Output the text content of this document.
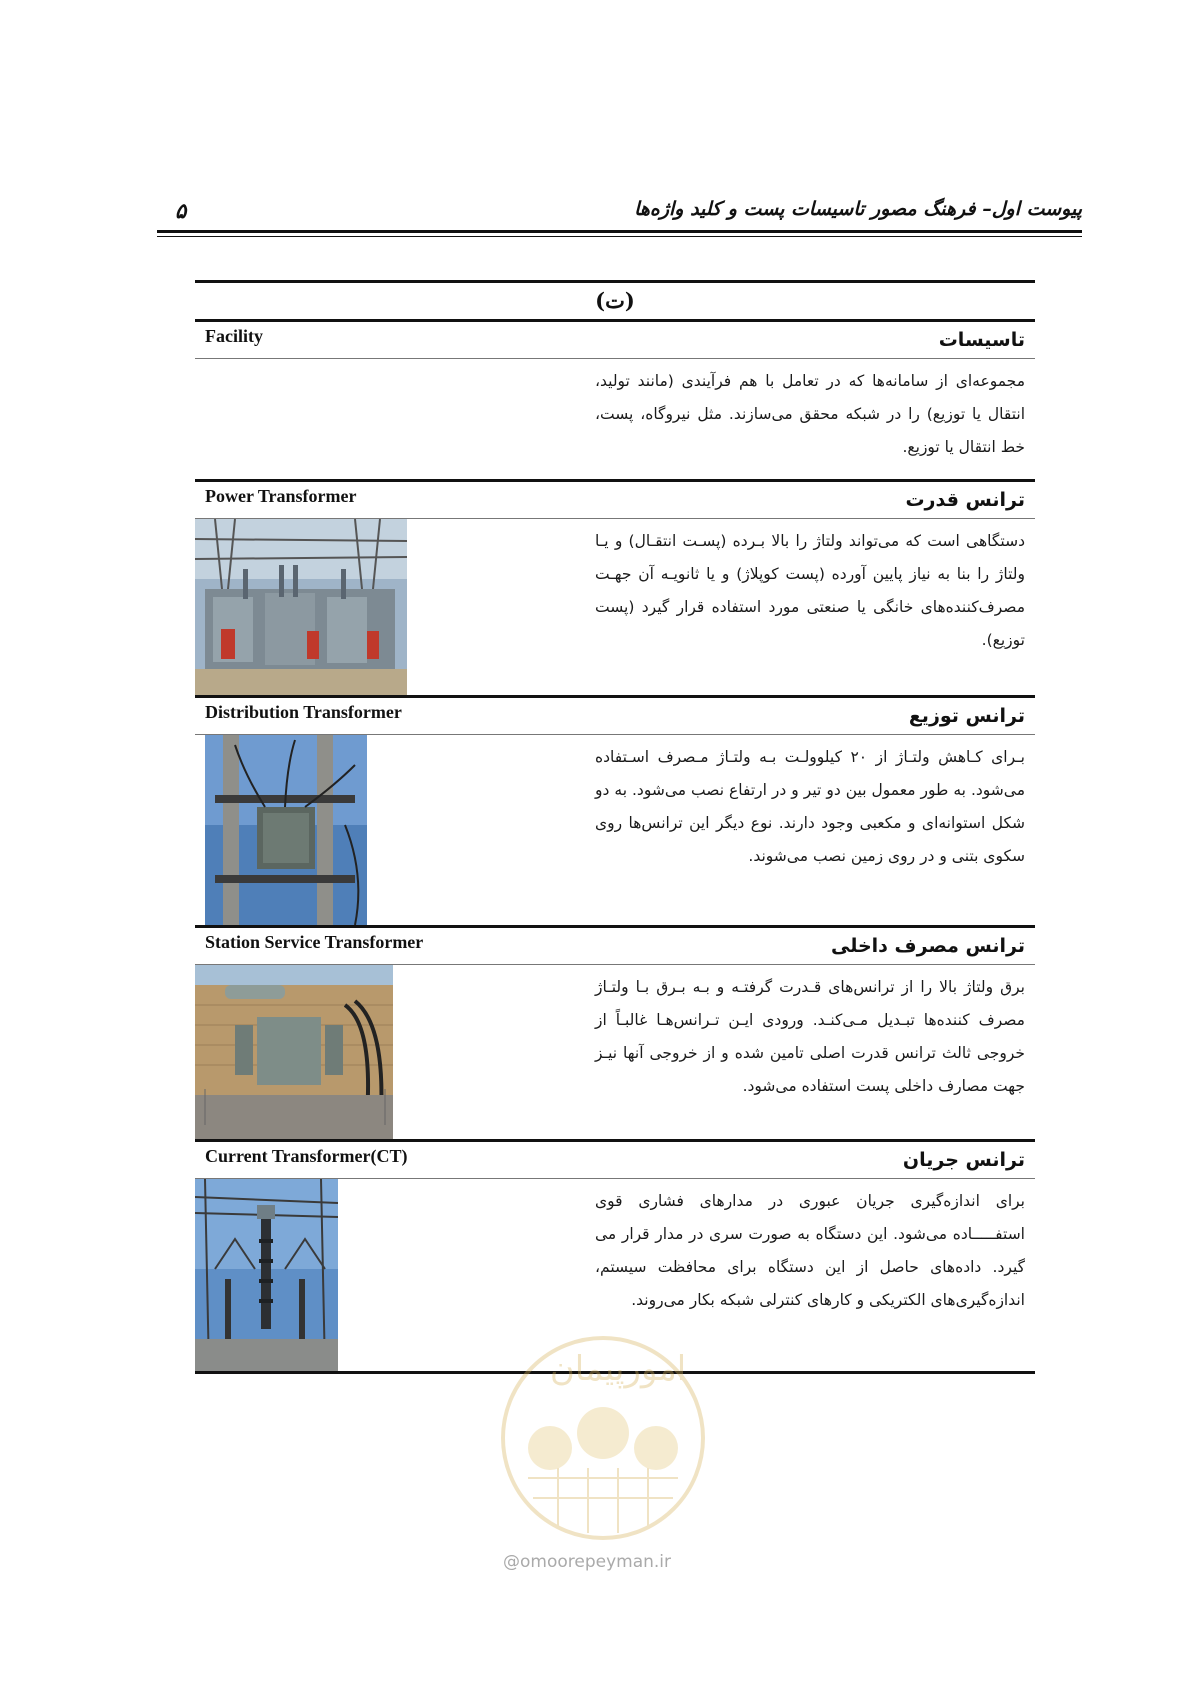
۵	پیوست اول– فرهنگ مصور تاسیسات پست و کلید واژه‌ها
(ت)
Facility	تاسیسات
مجموعه‌ای از سامانه‌ها که در تعامل با هم فرآیندی (مانند تولید، انتقال یا توزیع) را در شبکه محقق می‌سازند. مثل نیروگاه، پست، خط انتقال یا توزیع.
Power Transformer	ترانس قدرت
دستگاهی است که می‌تواند ولتاژ را بالا بـرده (پسـت انتقـال) و یـا ولتاژ را بنا به نیاز پایین آورده (پست کوپلاژ) و یا ثانویـه آن جهـت مصرف‌کننده‌های خانگی یا صنعتی مورد استفاده قرار گیرد (پست توزیع).
Distribution Transformer	ترانس توزیع
بـرای کـاهش ولتـاژ از ۲۰ کیلوولـت بـه ولتـاژ مـصرف اسـتفاده می‌شود. به طور معمول بین دو تیر و در ارتفاع نصب می‌شود. به دو شکل استوانه‌ای و مکعبی وجود دارند. نوع دیگر این ترانس‌ها روی سکوی بتنی و در روی زمین نصب می‌شوند.
Station Service Transformer	ترانس مصرف داخلی
برق ولتاژ بالا را از ترانس‌های قـدرت گرفتـه و بـه بـرق بـا ولتـاژ مصرف کننده‌ها تبـدیل مـی‌کنـد. ورودی ایـن تـرانس‌هـا غالبـاً از خروجی ثالث ترانس قدرت اصلی تامین شده و از خروجی آنها نیـز جهت مصارف داخلی پست استفاده می‌شود.
Current Transformer(CT)	ترانس جریان
برای اندازه‌گیری جریان عبوری در مدارهای فشاری قوی استفـــــاده می‌شود. این دستگاه به صورت سری در مدار قرار می گیرد. داده‌های حاصل از این دستگاه برای محافظت سیستم، اندازه‌گیری‌های الکتریکی و کارهای کنترلی شبکه بکار می‌روند.
امورپیمان
@omoorepeyman.ir
